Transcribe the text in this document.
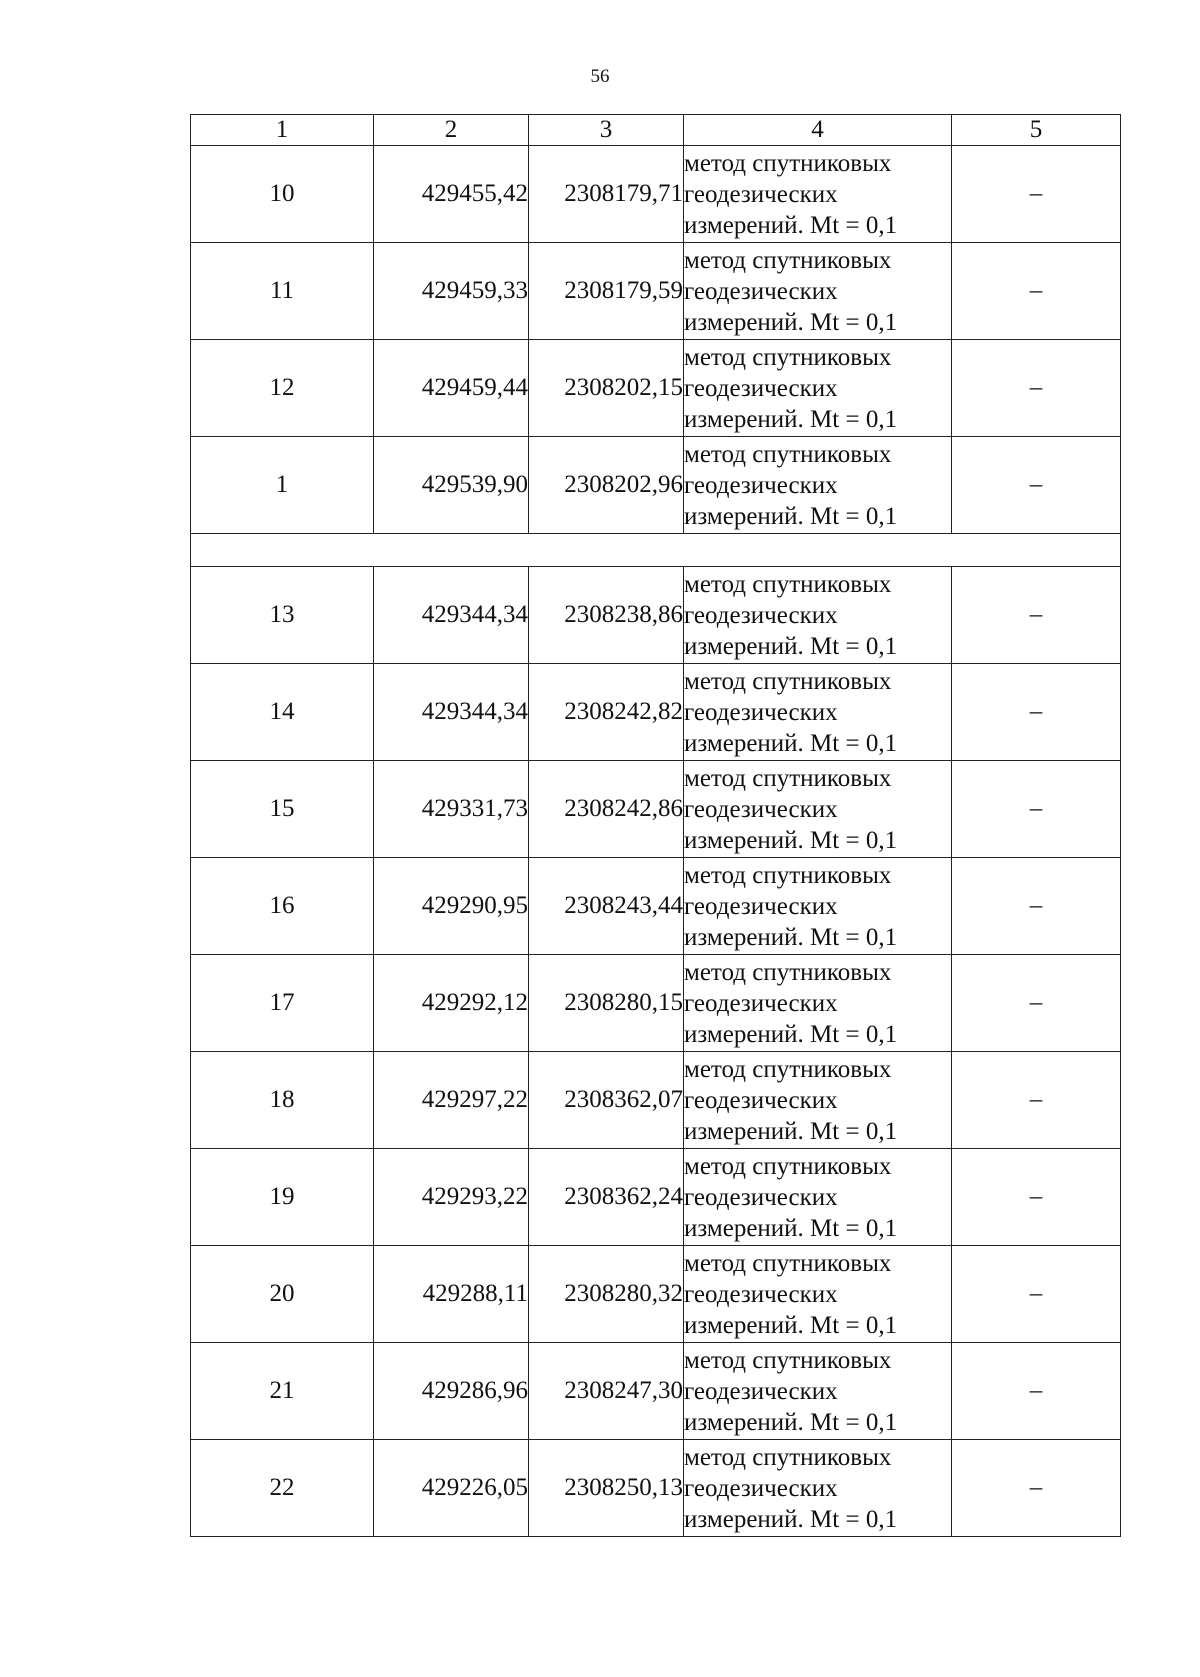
56
1	2	3	4	5
10	429455,42	2308179,71	метод спутниковых
геодезических
измерений. Mt = 0,1	–
11	429459,33	2308179,59	метод спутниковых
геодезических
измерений. Mt = 0,1	–
12	429459,44	2308202,15	метод спутниковых
геодезических
измерений. Mt = 0,1	–
1	429539,90	2308202,96	метод спутниковых
геодезических
измерений. Mt = 0,1	–

13	429344,34	2308238,86	метод спутниковых
геодезических
измерений. Mt = 0,1	–
14	429344,34	2308242,82	метод спутниковых
геодезических
измерений. Mt = 0,1	–
15	429331,73	2308242,86	метод спутниковых
геодезических
измерений. Mt = 0,1	–
16	429290,95	2308243,44	метод спутниковых
геодезических
измерений. Mt = 0,1	–
17	429292,12	2308280,15	метод спутниковых
геодезических
измерений. Mt = 0,1	–
18	429297,22	2308362,07	метод спутниковых
геодезических
измерений. Mt = 0,1	–
19	429293,22	2308362,24	метод спутниковых
геодезических
измерений. Mt = 0,1	–
20	429288,11	2308280,32	метод спутниковых
геодезических
измерений. Mt = 0,1	–
21	429286,96	2308247,30	метод спутниковых
геодезических
измерений. Mt = 0,1	–
22	429226,05	2308250,13	метод спутниковых
геодезических
измерений. Mt = 0,1	–
